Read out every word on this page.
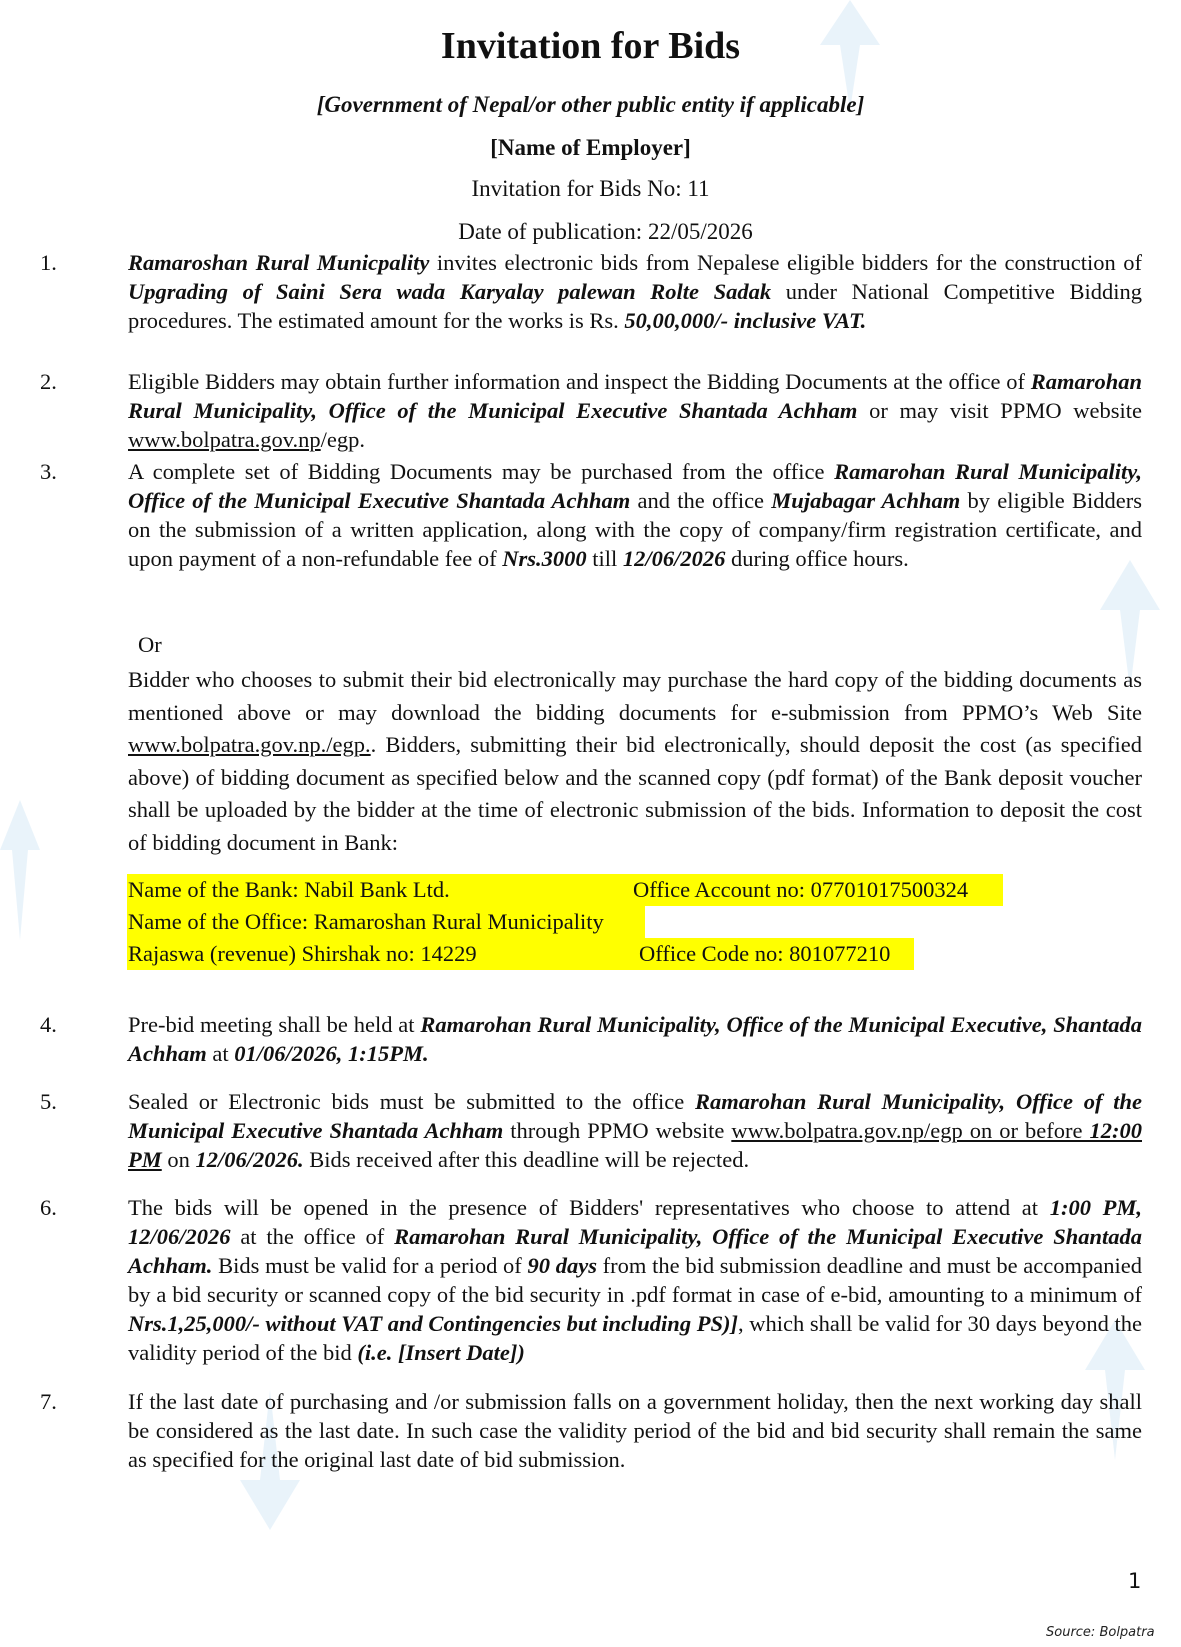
Invitation for Bids

[Government of Nepal/or other public entity if applicable]

[Name of Employer]

Invitation for Bids No: 11

Date of publication: 22/05/2026

1.	Ramaroshan Rural Municpality invites electronic bids from Nepalese eligible bidders for the construction of Upgrading of Saini Sera wada Karyalay palewan Rolte Sadak under National Competitive Bidding procedures. The estimated amount for the works is Rs. 50,00,000/- inclusive VAT.

2.	Eligible Bidders may obtain further information and inspect the Bidding Documents at the office of Ramarohan Rural Municipality, Office of the Municipal Executive Shantada Achham or may visit PPMO website www.bolpatra.gov.np/egp.

3.	A complete set of Bidding Documents may be purchased from the office Ramarohan Rural Municipality, Office of the Municipal Executive Shantada Achham and the office Mujabagar Achham by eligible Bidders on the submission of a written application, along with the copy of company/firm registration certificate, and upon payment of a non-refundable fee of Nrs.3000 till 12/06/2026 during office hours.

Or

Bidder who chooses to submit their bid electronically may purchase the hard copy of the bidding documents as mentioned above or may download the bidding documents for e-submission from PPMO’s Web Site www.bolpatra.gov.np./egp.. Bidders, submitting their bid electronically, should deposit the cost (as specified above) of bidding document as specified below and the scanned copy (pdf format) of the Bank deposit voucher shall be uploaded by the bidder at the time of electronic submission of the bids. Information to deposit the cost of bidding document in Bank:

Name of the Bank: Nabil Bank Ltd.	Office Account no: 07701017500324
Name of the Office: Ramaroshan Rural Municipality
Rajaswa (revenue) Shirshak no: 14229	Office Code no: 801077210
4.	Pre-bid meeting shall be held at Ramarohan Rural Municipality, Office of the Municipal Executive, Shantada Achham at 01/06/2026, 1:15PM.

5.	Sealed or Electronic bids must be submitted to the office Ramarohan Rural Municipality, Office of the Municipal Executive Shantada Achham through PPMO website www.bolpatra.gov.np/egp on or before 12:00 PM on 12/06/2026. Bids received after this deadline will be rejected.

6.	The bids will be opened in the presence of Bidders' representatives who choose to attend at 1:00 PM, 12/06/2026 at the office of Ramarohan Rural Municipality, Office of the Municipal Executive Shantada Achham. Bids must be valid for a period of 90 days from the bid submission deadline and must be accompanied by a bid security or scanned copy of the bid security in .pdf format in case of e-bid, amounting to a minimum of Nrs.1,25,000/- without VAT and Contingencies but including PS)], which shall be valid for 30 days beyond the validity period of the bid (i.e. [Insert Date])

7.	If the last date of purchasing and /or submission falls on a government holiday, then the next working day shall be considered as the last date. In such case the validity period of the bid and bid security shall remain the same as specified for the original last date of bid submission.

1
Source: Bolpatra
